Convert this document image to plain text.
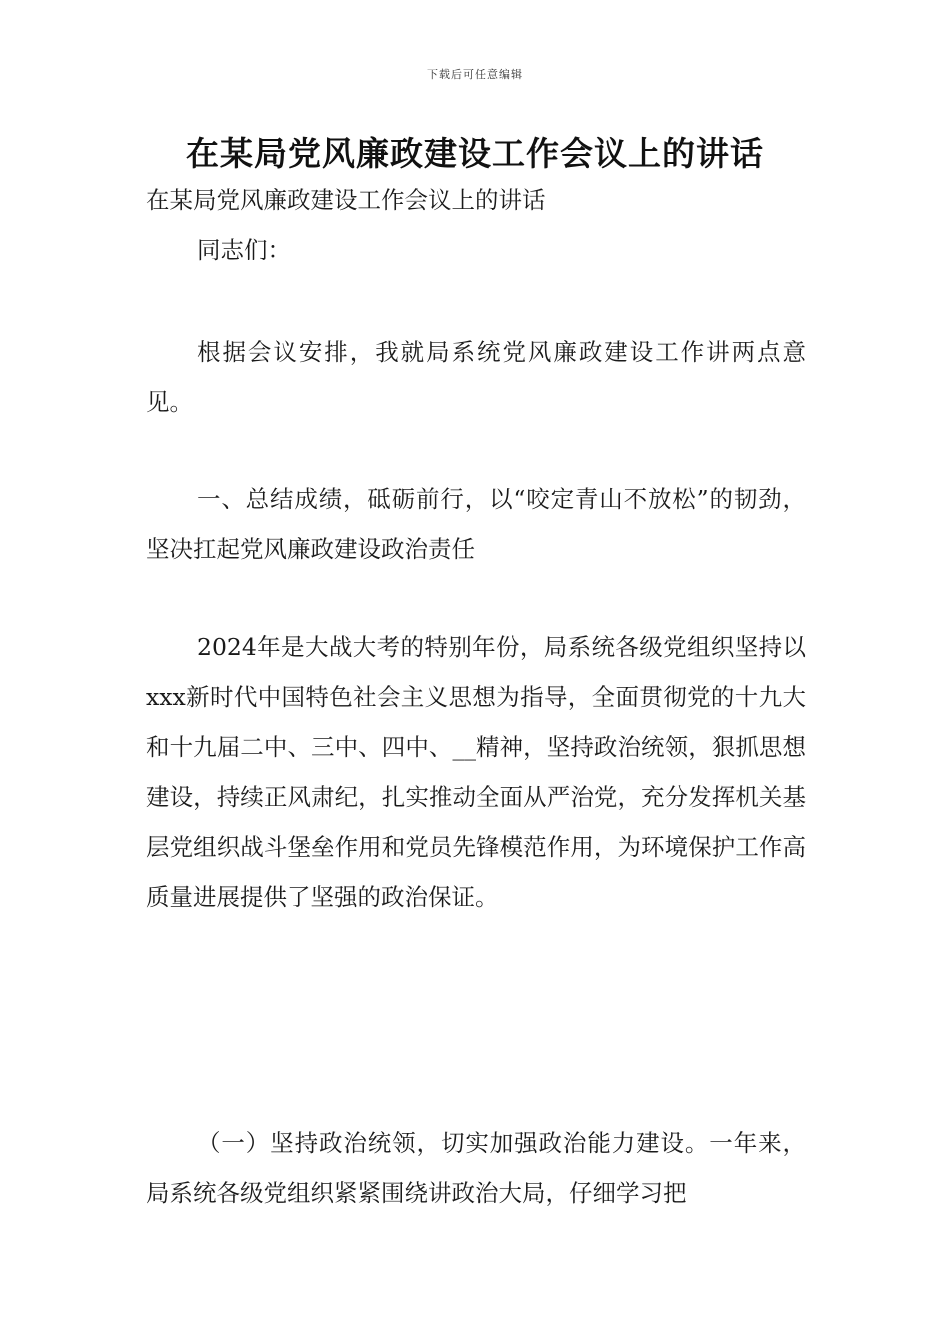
下载后可任意编辑
在某局党风廉政建设工作会议上的讲话
在某局党风廉政建设工作会议上的讲话
同志们：
根据会议安排，我就局系统党风廉政建设工作讲两点意见。
一、总结成绩，砥砺前行，以“咬定青山不放松”的韧劲，坚决扛起党风廉政建设政治责任
2024年是大战大考的特别年份，局系统各级党组织坚持以xxx新时代中国特色社会主义思想为指导，全面贯彻党的十九大和十九届二中、三中、四中、__精神，坚持政治统领，狠抓思想建设，持续正风肃纪，扎实推动全面从严治党，充分发挥机关基层党组织战斗堡垒作用和党员先锋模范作用，为环境保护工作高质量进展提供了坚强的政治保证。
（一）坚持政治统领，切实加强政治能力建设。一年来，局系统各级党组织紧紧围绕讲政治大局，仔细学习把
